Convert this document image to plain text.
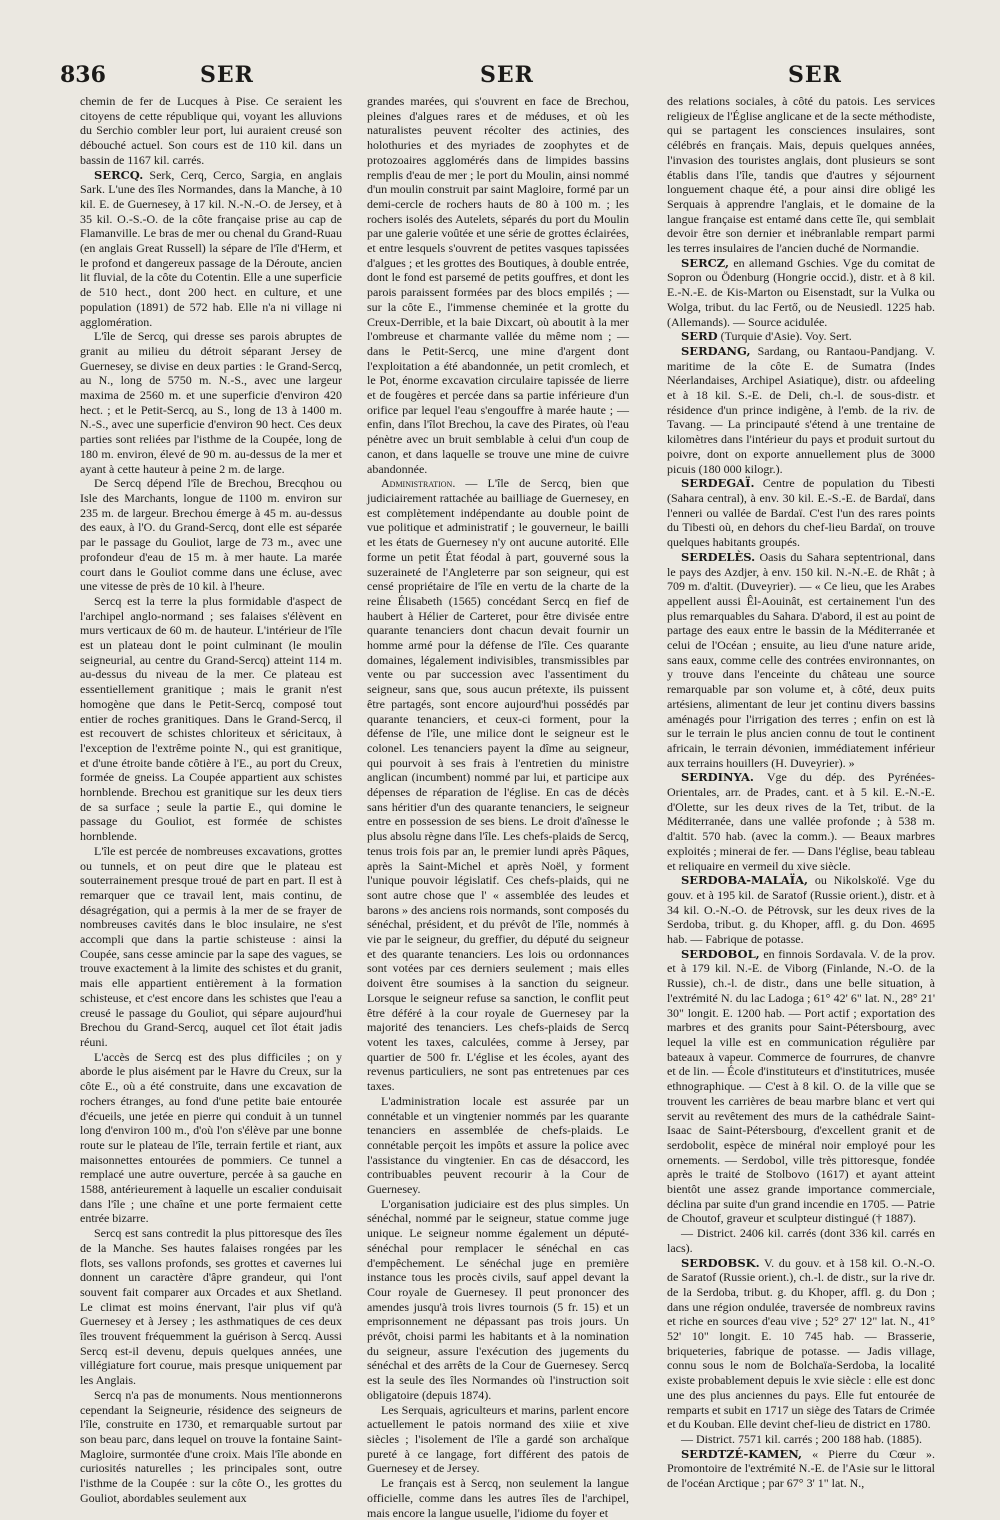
836	SER	SER	SER

chemin de fer de Lucques à Pise. Ce seraient les citoyens de cette république qui, voyant les alluvions du Serchio combler leur port, lui auraient creusé son débouché actuel. Son cours est de 110 kil. dans un bassin de 1167 kil. carrés.

SERCQ. Serk, Cerq, Cerco, Sargia, en anglais Sark. L'une des îles Normandes, dans la Manche, à 10 kil. E. de Guernesey, à 17 kil. N.-N.-O. de Jersey, et à 35 kil. O.-S.-O. de la côte française prise au cap de Flamanville. Le bras de mer ou chenal du Grand-Ruau (en anglais Great Russell) la sépare de l'île d'Herm, et le profond et dangereux passage de la Déroute, ancien lit fluvial, de la côte du Cotentin. Elle a une superficie de 510 hect., dont 200 hect. en culture, et une population (1891) de 572 hab. Elle n'a ni village ni agglomération.

L'île de Sercq, qui dresse ses parois abruptes de granit au milieu du détroit séparant Jersey de Guernesey, se divise en deux parties : le Grand-Sercq, au N., long de 5750 m. N.-S., avec une largeur maxima de 2560 m. et une superficie d'environ 420 hect. ; et le Petit-Sercq, au S., long de 13 à 1400 m. N.-S., avec une superficie d'environ 90 hect. Ces deux parties sont reliées par l'isthme de la Coupée, long de 180 m. environ, élevé de 90 m. au-dessus de la mer et ayant à cette hauteur à peine 2 m. de large.

De Sercq dépend l'île de Brechou, Brecqhou ou Isle des Marchants, longue de 1100 m. environ sur 235 m. de largeur. Brechou émerge à 45 m. au-dessus des eaux, à l'O. du Grand-Sercq, dont elle est séparée par le passage du Gouliot, large de 73 m., avec une profondeur d'eau de 15 m. à mer haute. La marée court dans le Gouliot comme dans une écluse, avec une vitesse de près de 10 kil. à l'heure.

Sercq est la terre la plus formidable d'aspect de l'archipel anglo-normand ; ses falaises s'élèvent en murs verticaux de 60 m. de hauteur. L'intérieur de l'île est un plateau dont le point culminant (le moulin seigneurial, au centre du Grand-Sercq) atteint 114 m. au-dessus du niveau de la mer. Ce plateau est essentiellement granitique ; mais le granit n'est homogène que dans le Petit-Sercq, composé tout entier de roches granitiques. Dans le Grand-Sercq, il est recouvert de schistes chloriteux et séricitaux, à l'exception de l'extrême pointe N., qui est granitique, et d'une étroite bande côtière à l'E., au port du Creux, formée de gneiss. La Coupée appartient aux schistes hornblende. Brechou est granitique sur les deux tiers de sa surface ; seule la partie E., qui domine le passage du Gouliot, est formée de schistes hornblende.

L'île est percée de nombreuses excavations, grottes ou tunnels, et on peut dire que le plateau est souterrainement presque troué de part en part. Il est à remarquer que ce travail lent, mais continu, de désagrégation, qui a permis à la mer de se frayer de nombreuses cavités dans le bloc insulaire, ne s'est accompli que dans la partie schisteuse : ainsi la Coupée, sans cesse amincie par la sape des vagues, se trouve exactement à la limite des schistes et du granit, mais elle appartient entièrement à la formation schisteuse, et c'est encore dans les schistes que l'eau a creusé le passage du Gouliot, qui sépare aujourd'hui Brechou du Grand-Sercq, auquel cet îlot était jadis réuni.

L'accès de Sercq est des plus difficiles ; on y aborde le plus aisément par le Havre du Creux, sur la côte E., où a été construite, dans une excavation de rochers étranges, au fond d'une petite baie entourée d'écueils, une jetée en pierre qui conduit à un tunnel long d'environ 100 m., d'où l'on s'élève par une bonne route sur le plateau de l'île, terrain fertile et riant, aux maisonnettes entourées de pommiers. Ce tunnel a remplacé une autre ouverture, percée à sa gauche en 1588, antérieurement à laquelle un escalier conduisait dans l'île ; une chaîne et une porte fermaient cette entrée bizarre.

Sercq est sans contredit la plus pittoresque des îles de la Manche. Ses hautes falaises rongées par les flots, ses vallons profonds, ses grottes et cavernes lui donnent un caractère d'âpre grandeur, qui l'ont souvent fait comparer aux Orcades et aux Shetland. Le climat est moins énervant, l'air plus vif qu'à Guernesey et à Jersey ; les asthmatiques de ces deux îles trouvent fréquemment la guérison à Sercq. Aussi Sercq est-il devenu, depuis quelques années, une villégiature fort courue, mais presque uniquement par les Anglais.

Sercq n'a pas de monuments. Nous mentionnerons cependant la Seigneurie, résidence des seigneurs de l'île, construite en 1730, et remarquable surtout par son beau parc, dans lequel on trouve la fontaine Saint-Magloire, surmontée d'une croix. Mais l'île abonde en curiosités naturelles ; les principales sont, outre l'isthme de la Coupée : sur la côte O., les grottes du Gouliot, abordables seulement aux

grandes marées, qui s'ouvrent en face de Brechou, pleines d'algues rares et de méduses, et où les naturalistes peuvent récolter des actinies, des holothuries et des myriades de zoophytes et de protozoaires agglomérés dans de limpides bassins remplis d'eau de mer ; le port du Moulin, ainsi nommé d'un moulin construit par saint Magloire, formé par un demi-cercle de rochers hauts de 80 à 100 m. ; les rochers isolés des Autelets, séparés du port du Moulin par une galerie voûtée et une série de grottes éclairées, et entre lesquels s'ouvrent de petites vasques tapissées d'algues ; et les grottes des Boutiques, à double entrée, dont le fond est parsemé de petits gouffres, et dont les parois paraissent formées par des blocs empilés ; — sur la côte E., l'immense cheminée et la grotte du Creux-Derrible, et la baie Dixcart, où aboutit à la mer l'ombreuse et charmante vallée du même nom ; — dans le Petit-Sercq, une mine d'argent dont l'exploitation a été abandonnée, un petit cromlech, et le Pot, énorme excavation circulaire tapissée de lierre et de fougères et percée dans sa partie inférieure d'un orifice par lequel l'eau s'engouffre à marée haute ; — enfin, dans l'îlot Brechou, la cave des Pirates, où l'eau pénètre avec un bruit semblable à celui d'un coup de canon, et dans laquelle se trouve une mine de cuivre abandonnée.

Administration. — L'île de Sercq, bien que judiciairement rattachée au bailliage de Guernesey, en est complètement indépendante au double point de vue politique et administratif ; le gouverneur, le bailli et les états de Guernesey n'y ont aucune autorité. Elle forme un petit État féodal à part, gouverné sous la suzeraineté de l'Angleterre par son seigneur, qui est censé propriétaire de l'île en vertu de la charte de la reine Élisabeth (1565) concédant Sercq en fief de haubert à Hélier de Carteret, pour être divisée entre quarante tenanciers dont chacun devait fournir un homme armé pour la défense de l'île. Ces quarante domaines, légalement indivisibles, transmissibles par vente ou par succession avec l'assentiment du seigneur, sans que, sous aucun prétexte, ils puissent être partagés, sont encore aujourd'hui possédés par quarante tenanciers, et ceux-ci forment, pour la défense de l'île, une milice dont le seigneur est le colonel. Les tenanciers payent la dîme au seigneur, qui pourvoit à ses frais à l'entretien du ministre anglican (incumbent) nommé par lui, et participe aux dépenses de réparation de l'église. En cas de décès sans héritier d'un des quarante tenanciers, le seigneur entre en possession de ses biens. Le droit d'aînesse le plus absolu règne dans l'île. Les chefs-plaids de Sercq, tenus trois fois par an, le premier lundi après Pâques, après la Saint-Michel et après Noël, y forment l'unique pouvoir législatif. Ces chefs-plaids, qui ne sont autre chose que l' « assemblée des leudes et barons » des anciens rois normands, sont composés du sénéchal, président, et du prévôt de l'île, nommés à vie par le seigneur, du greffier, du député du seigneur et des quarante tenanciers. Les lois ou ordonnances sont votées par ces derniers seulement ; mais elles doivent être soumises à la sanction du seigneur. Lorsque le seigneur refuse sa sanction, le conflit peut être déféré à la cour royale de Guernesey par la majorité des tenanciers. Les chefs-plaids de Sercq votent les taxes, calculées, comme à Jersey, par quartier de 500 fr. L'église et les écoles, ayant des revenus particuliers, ne sont pas entretenues par ces taxes.

L'administration locale est assurée par un connétable et un vingtenier nommés par les quarante tenanciers en assemblée de chefs-plaids. Le connétable perçoit les impôts et assure la police avec l'assistance du vingtenier. En cas de désaccord, les contribuables peuvent recourir à la Cour de Guernesey.

L'organisation judiciaire est des plus simples. Un sénéchal, nommé par le seigneur, statue comme juge unique. Le seigneur nomme également un député-sénéchal pour remplacer le sénéchal en cas d'empêchement. Le sénéchal juge en première instance tous les procès civils, sauf appel devant la Cour royale de Guernesey. Il peut prononcer des amendes jusqu'à trois livres tournois (5 fr. 15) et un emprisonnement ne dépassant pas trois jours. Un prévôt, choisi parmi les habitants et à la nomination du seigneur, assure l'exécution des jugements du sénéchal et des arrêts de la Cour de Guernesey. Sercq est la seule des îles Normandes où l'instruction soit obligatoire (depuis 1874).

Les Serquais, agriculteurs et marins, parlent encore actuellement le patois normand des xiiie et xive siècles ; l'isolement de l'île a gardé son archaïque pureté à ce langage, fort différent des patois de Guernesey et de Jersey.

Le français est à Sercq, non seulement la langue officielle, comme dans les autres îles de l'archipel, mais encore la langue usuelle, l'idiome du foyer et

des relations sociales, à côté du patois. Les services religieux de l'Église anglicane et de la secte méthodiste, qui se partagent les consciences insulaires, sont célébrés en français. Mais, depuis quelques années, l'invasion des touristes anglais, dont plusieurs se sont établis dans l'île, tandis que d'autres y séjournent longuement chaque été, a pour ainsi dire obligé les Serquais à apprendre l'anglais, et le domaine de la langue française est entamé dans cette île, qui semblait devoir être son dernier et inébranlable rempart parmi les terres insulaires de l'ancien duché de Normandie.

SERCZ, en allemand Gschies. Vge du comitat de Sopron ou Ödenburg (Hongrie occid.), distr. et à 8 kil. E.-N.-E. de Kis-Marton ou Eisenstadt, sur la Vulka ou Wolga, tribut. du lac Fertő, ou de Neusiedl. 1225 hab. (Allemands). — Source acidulée.

SERD (Turquie d'Asie). Voy. Sert.

SERDANG, Sardang, ou Rantaou-Pandjang. V. maritime de la côte E. de Sumatra (Indes Néerlandaises, Archipel Asiatique), distr. ou afdeeling et à 18 kil. S.-E. de Deli, ch.-l. de sous-distr. et résidence d'un prince indigène, à l'emb. de la riv. de Tavang. — La principauté s'étend à une trentaine de kilomètres dans l'intérieur du pays et produit surtout du poivre, dont on exporte annuellement plus de 3000 picuis (180 000 kilogr.).

SERDEGAÏ. Centre de population du Tibesti (Sahara central), à env. 30 kil. E.-S.-E. de Bardaï, dans l'enneri ou vallée de Bardaï. C'est l'un des rares points du Tibesti où, en dehors du chef-lieu Bardaï, on trouve quelques habitants groupés.

SERDELÈS. Oasis du Sahara septentrional, dans le pays des Azdjer, à env. 150 kil. N.-N.-E. de Rhât ; à 709 m. d'altit. (Duveyrier). — « Ce lieu, que les Arabes appellent aussi Êl-Aouinât, est certainement l'un des plus remarquables du Sahara. D'abord, il est au point de partage des eaux entre le bassin de la Méditerranée et celui de l'Océan ; ensuite, au lieu d'une nature aride, sans eaux, comme celle des contrées environnantes, on y trouve dans l'enceinte du château une source remarquable par son volume et, à côté, deux puits artésiens, alimentant de leur jet continu divers bassins aménagés pour l'irrigation des terres ; enfin on est là sur le terrain le plus ancien connu de tout le continent africain, le terrain dévonien, immédiatement inférieur aux terrains houillers (H. Duveyrier). »

SERDINYA. Vge du dép. des Pyrénées-Orientales, arr. de Prades, cant. et à 5 kil. E.-N.-E. d'Olette, sur les deux rives de la Tet, tribut. de la Méditerranée, dans une vallée profonde ; à 538 m. d'altit. 570 hab. (avec la comm.). — Beaux marbres exploités ; minerai de fer. — Dans l'église, beau tableau et reliquaire en vermeil du xive siècle.

SERDOBA-MALAÏA, ou Nikolskoïé. Vge du gouv. et à 195 kil. de Saratof (Russie orient.), distr. et à 34 kil. O.-N.-O. de Pétrovsk, sur les deux rives de la Serdoba, tribut. g. du Khoper, affl. g. du Don. 4695 hab. — Fabrique de potasse.

SERDOBOL, en finnois Sordavala. V. de la prov. et à 179 kil. N.-E. de Viborg (Finlande, N.-O. de la Russie), ch.-l. de distr., dans une belle situation, à l'extrémité N. du lac Ladoga ; 61° 42' 6" lat. N., 28° 21' 30" longit. E. 1200 hab. — Port actif ; exportation des marbres et des granits pour Saint-Pétersbourg, avec lequel la ville est en communication régulière par bateaux à vapeur. Commerce de fourrures, de chanvre et de lin. — École d'instituteurs et d'institutrices, musée ethnographique. — C'est à 8 kil. O. de la ville que se trouvent les carrières de beau marbre blanc et vert qui servit au revêtement des murs de la cathédrale Saint-Isaac de Saint-Pétersbourg, d'excellent granit et de serdobolit, espèce de minéral noir employé pour les ornements. — Serdobol, ville très pittoresque, fondée après le traité de Stolbovo (1617) et ayant atteint bientôt une assez grande importance commerciale, déclina par suite d'un grand incendie en 1705. — Patrie de Choutof, graveur et sculpteur distingué († 1887).

— District. 2406 kil. carrés (dont 336 kil. carrés en lacs).

SERDOBSK. V. du gouv. et à 158 kil. O.-N.-O. de Saratof (Russie orient.), ch.-l. de distr., sur la rive dr. de la Serdoba, tribut. g. du Khoper, affl. g. du Don ; dans une région ondulée, traversée de nombreux ravins et riche en sources d'eau vive ; 52° 27' 12" lat. N., 41° 52' 10" longit. E. 10 745 hab. — Brasserie, briqueteries, fabrique de potasse. — Jadis village, connu sous le nom de Bolchaïa-Serdoba, la localité existe probablement depuis le xvie siècle : elle est donc une des plus anciennes du pays. Elle fut entourée de remparts et subit en 1717 un siège des Tatars de Crimée et du Kouban. Elle devint chef-lieu de district en 1780.

— District. 7571 kil. carrés ; 200 188 hab. (1885).

SERDTZÉ-KAMEN, « Pierre du Cœur ». Promontoire de l'extrémité N.-E. de l'Asie sur le littoral de l'océan Arctique ; par 67° 3' 1" lat. N.,
